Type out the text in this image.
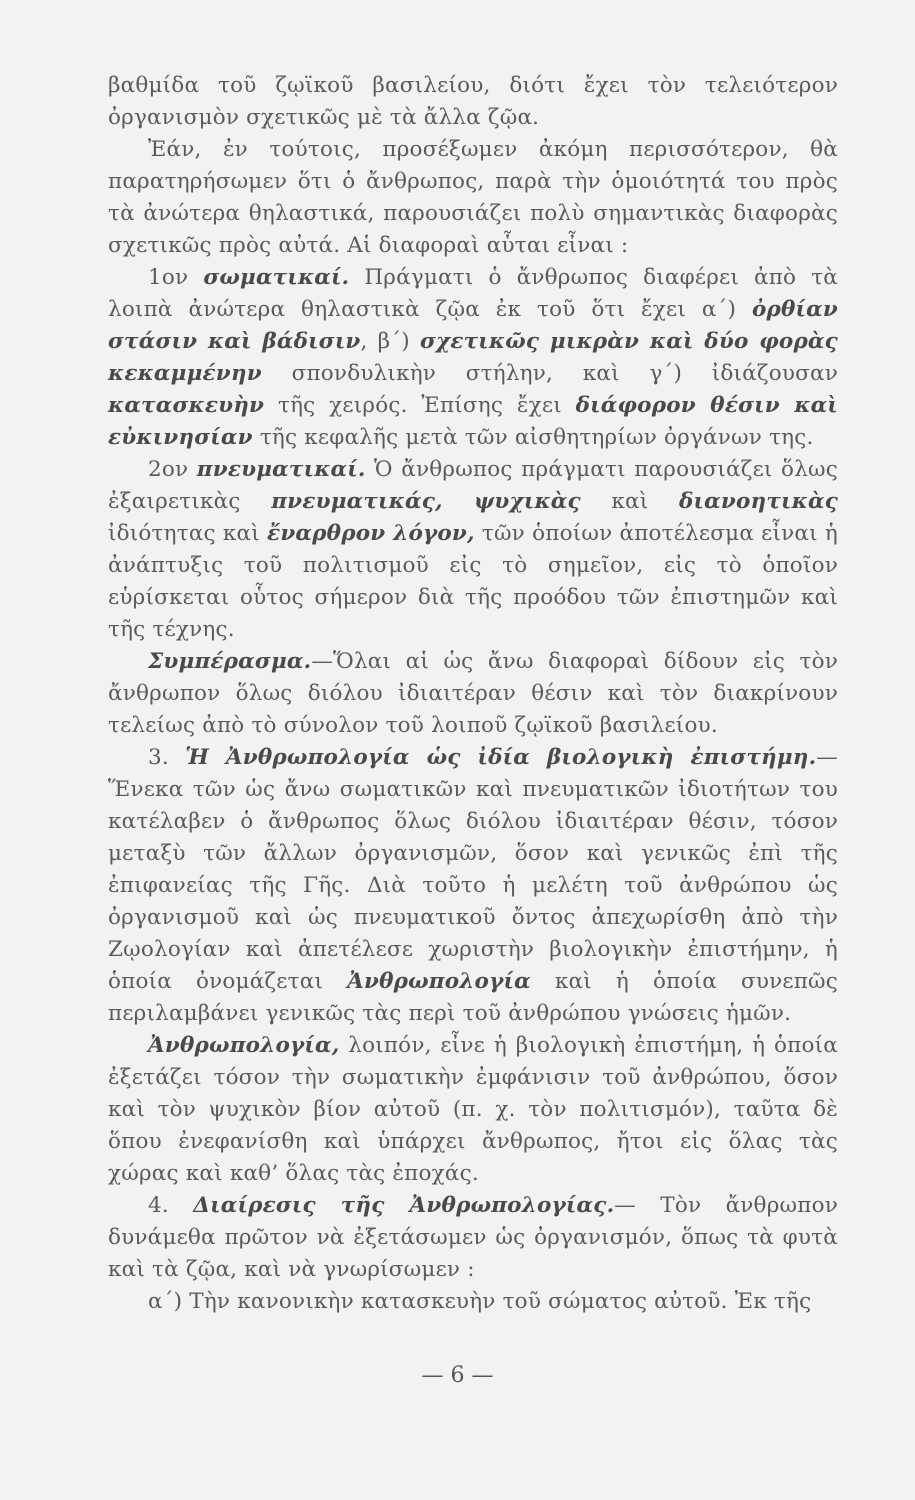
βαθμίδα τοῦ ζῳϊκοῦ βασιλείου, διότι ἔχει τὸν τελειότερον ὀργανισμὸν σχετικῶς μὲ τὰ ἄλλα ζῷα.

Ἐάν, ἐν τούτοις, προσέξωμεν ἀκόμη περισσότερον, θὰ παρατηρήσωμεν ὅτι ὁ ἄνθρωπος, παρὰ τὴν ὁμοιότητά του πρὸς τὰ ἀνώτερα θηλαστικά, παρουσιάζει πολὺ σημαντικὰς διαφορὰς σχετικῶς πρὸς αὐτά. Αἱ διαφοραὶ αὗται εἶναι :

1ον σωματικαί. Πράγματι ὁ ἄνθρωπος διαφέρει ἀπὸ τὰ λοιπὰ ἀνώτερα θηλαστικὰ ζῷα ἐκ τοῦ ὅτι ἔχει α΄) ὀρθίαν στάσιν καὶ βάδισιν, β΄) σχετικῶς μικρὰν καὶ δύο φορὰς κεκαμμένην σπονδυλικὴν στήλην, καὶ γ΄) ἰδιάζουσαν κατασκευὴν τῆς χειρός. Ἐπίσης ἔχει διάφορον θέσιν καὶ εὐκινησίαν τῆς κεφαλῆς μετὰ τῶν αἰσθητηρίων ὀργάνων της.

2ον πνευματικαί. Ὁ ἄνθρωπος πράγματι παρουσιάζει ὅλως ἐξαιρετικὰς πνευματικάς, ψυχικὰς καὶ διανοητικὰς ἰδιότητας καὶ ἔναρθρον λόγον, τῶν ὁποίων ἀποτέλεσμα εἶναι ἡ ἀνάπτυξις τοῦ πολιτισμοῦ εἰς τὸ σημεῖον, εἰς τὸ ὁποῖον εὑρίσκεται οὗτος σήμερον διὰ τῆς προόδου τῶν ἐπιστημῶν καὶ τῆς τέχνης.

Συμπέρασμα.—Ὅλαι αἱ ὡς ἄνω διαφοραὶ δίδουν εἰς τὸν ἄνθρωπον ὅλως διόλου ἰδιαιτέραν θέσιν καὶ τὸν διακρίνουν τελείως ἀπὸ τὸ σύνολον τοῦ λοιποῦ ζῳϊκοῦ βασιλείου.

3. Ἡ Ἀνθρωπολογία ὡς ἰδία βιολογικὴ ἐπιστήμη.— Ἕνεκα τῶν ὡς ἄνω σωματικῶν καὶ πνευματικῶν ἰδιοτήτων του κατέλαβεν ὁ ἄνθρωπος ὅλως διόλου ἰδιαιτέραν θέσιν, τόσον μεταξὺ τῶν ἄλλων ὀργανισμῶν, ὅσον καὶ γενικῶς ἐπὶ τῆς ἐπιφανείας τῆς Γῆς. Διὰ τοῦτο ἡ μελέτη τοῦ ἀνθρώπου ὡς ὀργανισμοῦ καὶ ὡς πνευματικοῦ ὄντος ἀπεχωρίσθη ἀπὸ τὴν Ζῳολογίαν καὶ ἀπετέλεσε χωριστὴν βιολογικὴν ἐπιστήμην, ἡ ὁποία ὀνομάζεται Ἀνθρωπολογία καὶ ἡ ὁποία συνεπῶς περιλαμβάνει γενικῶς τὰς περὶ τοῦ ἀνθρώπου γνώσεις ἡμῶν.

Ἀνθρωπολογία, λοιπόν, εἶνε ἡ βιολογικὴ ἐπιστήμη, ἡ ὁποία ἐξετάζει τόσον τὴν σωματικὴν ἐμφάνισιν τοῦ ἀνθρώπου, ὅσον καὶ τὸν ψυχικὸν βίον αὐτοῦ (π. χ. τὸν πολιτισμόν), ταῦτα δὲ ὅπου ἐνεφανίσθη καὶ ὑπάρχει ἄνθρωπος, ἤτοι εἰς ὅλας τὰς χώρας καὶ καθ’ ὅλας τὰς ἐποχάς.

4. Διαίρεσις τῆς Ἀνθρωπολογίας.— Τὸν ἄνθρωπον δυνάμεθα πρῶτον νὰ ἐξετάσωμεν ὡς ὀργανισμόν, ὅπως τὰ φυτὰ καὶ τὰ ζῷα, καὶ νὰ γνωρίσωμεν :

α΄) Τὴν κανονικὴν κατασκευὴν τοῦ σώματος αὐτοῦ. Ἐκ τῆς

— 6 —
